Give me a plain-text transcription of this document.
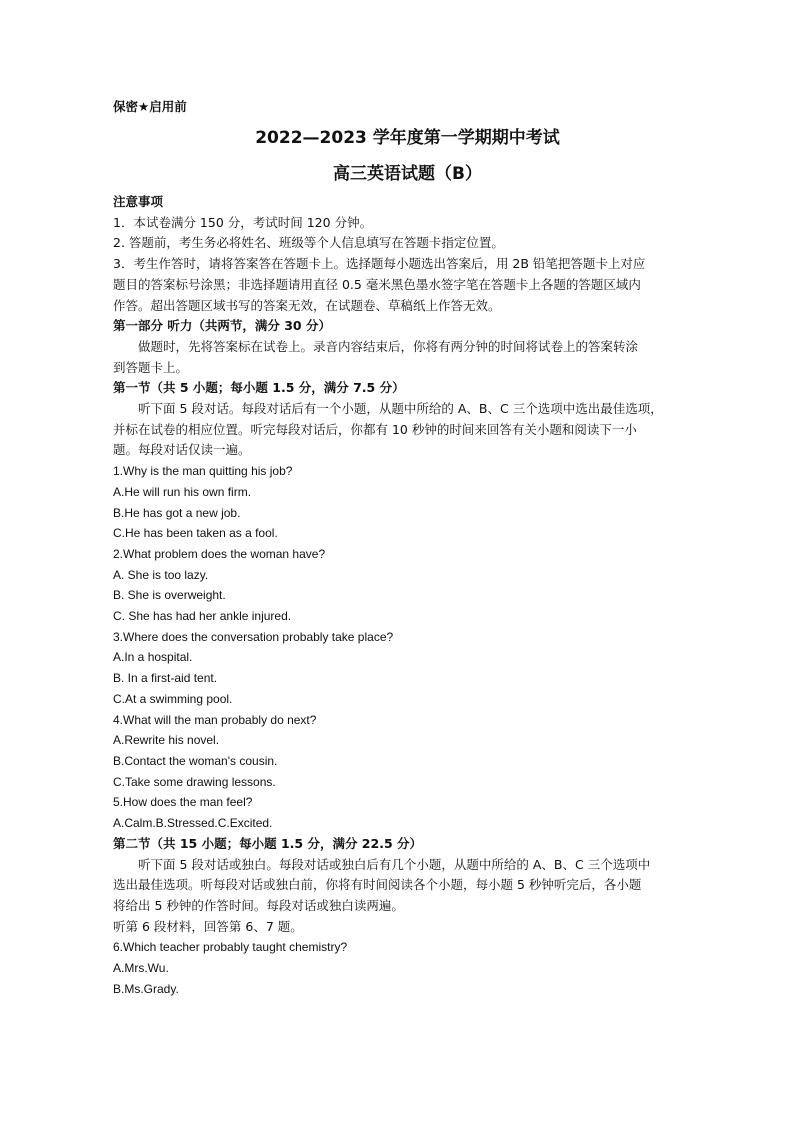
保密★启用前
2022—2023 学年度第一学期期中考试
高三英语试题（B）

注意事项

1．本试卷满分 150 分，考试时间 120 分钟。

2. 答题前，考生务必将姓名、班级等个人信息填写在答题卡指定位置。

3．考生作答时，请将答案答在答题卡上。选择题每小题选出答案后，用 2B 铅笔把答题卡上对应

题目的答案标号涂黑；非选择题请用直径 0.5 毫米黑色墨水签字笔在答题卡上各题的答题区域内

作答。超出答题区域书写的答案无效，在试题卷、草稿纸上作答无效。

第一部分 听力（共两节，满分 30 分）

做题时，先将答案标在试卷上。录音内容结束后，你将有两分钟的时间将试卷上的答案转涂

到答题卡上。

第一节（共 5 小题；每小题 1.5 分，满分 7.5 分）

听下面 5 段对话。每段对话后有一个小题，从题中所给的 A、B、C 三个选项中选出最佳选项，

并标在试卷的相应位置。听完每段对话后，你都有 10 秒钟的时间来回答有关小题和阅读下一小

题。每段对话仅读一遍。

1.Why is the man quitting his job?

A.He will run his own firm.

B.He has got a new job.

C.He has been taken as a fool.

2.What problem does the woman have?

A. She is too lazy.

B. She is overweight.

C. She has had her ankle injured.

3.Where does the conversation probably take place?

A.In a hospital.

B. In a first-aid tent.

C.At a swimming pool.

4.What will the man probably do next?

A.Rewrite his novel.

B.Contact the woman's cousin.

C.Take some drawing lessons.

5.How does the man feel?

A.Calm.B.Stressed.C.Excited.

第二节（共 15 小题；每小题 1.5 分，满分 22.5 分）

听下面 5 段对话或独白。每段对话或独白后有几个小题，从题中所给的 A、B、C 三个选项中

选出最佳选项。听每段对话或独白前，你将有时间阅读各个小题，每小题 5 秒钟听完后，各小题

将给出 5 秒钟的作答时间。每段对话或独白读两遍。

听第 6 段材料，回答第 6、7 题。

6.Which teacher probably taught chemistry?

A.Mrs.Wu.

B.Ms.Grady.
